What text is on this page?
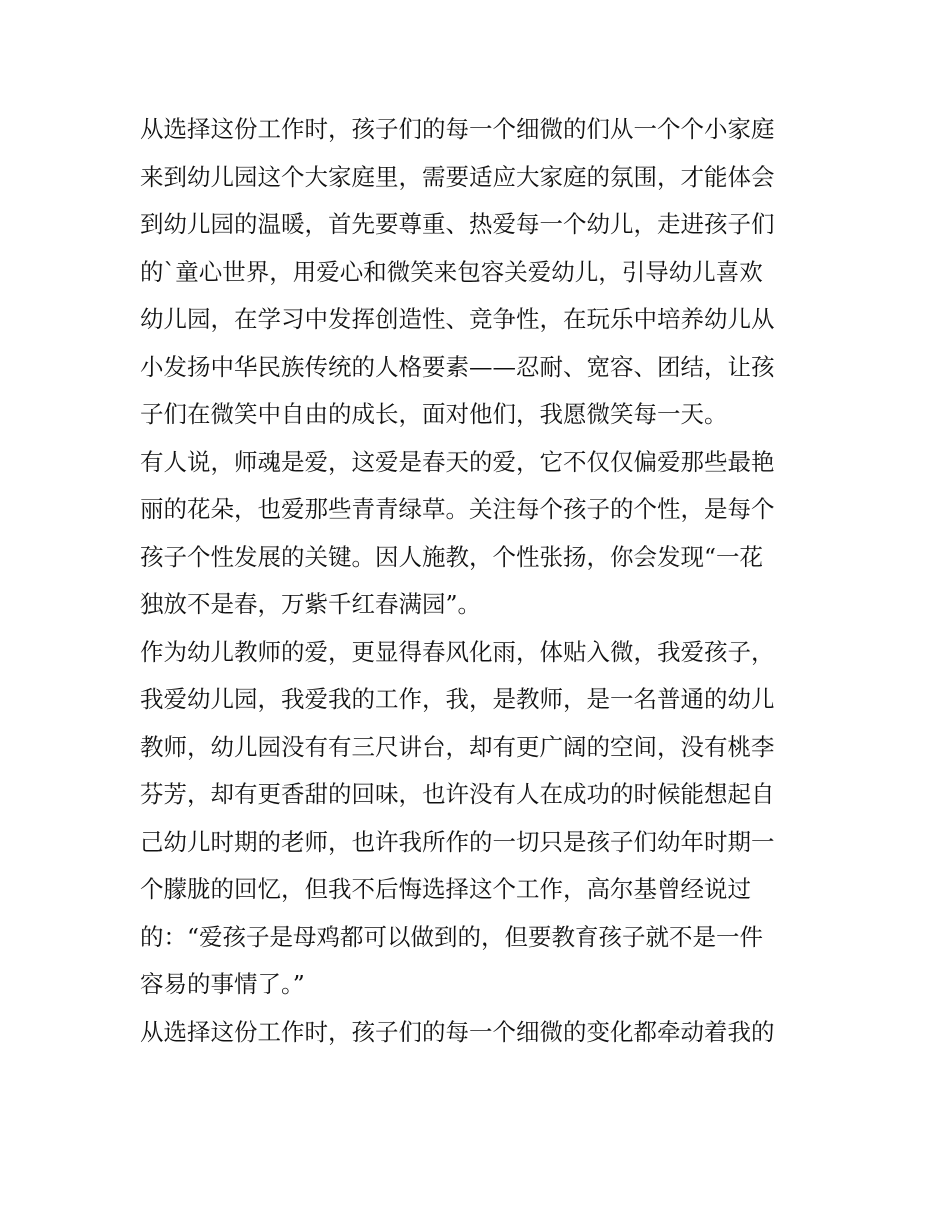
从选择这份工作时，孩子们的每一个细微的们从一个个小家庭
来到幼儿园这个大家庭里，需要适应大家庭的氛围，才能体会
到幼儿园的温暖，首先要尊重、热爱每一个幼儿，走进孩子们
的`童心世界，用爱心和微笑来包容关爱幼儿，引导幼儿喜欢
幼儿园，在学习中发挥创造性、竞争性，在玩乐中培养幼儿从
小发扬中华民族传统的人格要素——忍耐、宽容、团结，让孩
子们在微笑中自由的成长，面对他们，我愿微笑每一天。
有人说，师魂是爱，这爱是春天的爱，它不仅仅偏爱那些最艳
丽的花朵，也爱那些青青绿草。关注每个孩子的个性，是每个
孩子个性发展的关键。因人施教，个性张扬，你会发现“一花
独放不是春，万紫千红春满园”。
作为幼儿教师的爱，更显得春风化雨，体贴入微，我爱孩子，
我爱幼儿园，我爱我的工作，我，是教师，是一名普通的幼儿
教师，幼儿园没有有三尺讲台，却有更广阔的空间，没有桃李
芬芳，却有更香甜的回味，也许没有人在成功的时候能想起自
己幼儿时期的老师，也许我所作的一切只是孩子们幼年时期一
个朦胧的回忆，但我不后悔选择这个工作，高尔基曾经说过
的：“爱孩子是母鸡都可以做到的，但要教育孩子就不是一件
容易的事情了。”
从选择这份工作时，孩子们的每一个细微的变化都牵动着我的
